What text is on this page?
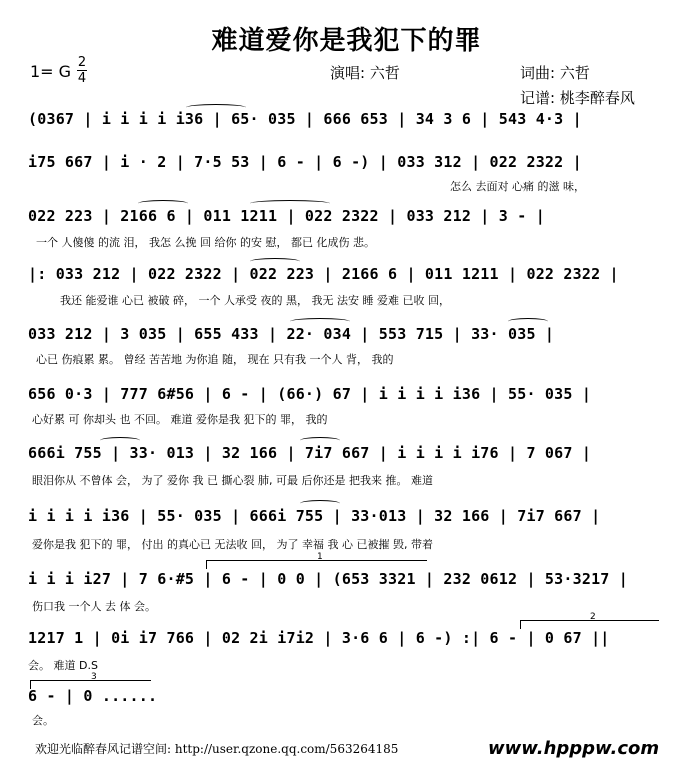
难道爱你是我犯下的罪
1= G 2
4	演唱: 六哲	词曲: 六哲
记谱: 桃李醉春风
(0367 | i i i i i36 | 65· 035 | 666 653 | 34 3 6 | 543 4·3 |
i75 667 | i · 2 | 7·5 53 | 6 - | 6 -) | 033 312 | 022 2322 |
怎么 去面对 心痛 的滋 味，
022 223 | 2166 6 | 011 1211 | 022 2322 | 033 212 | 3 - |
一个 人傻傻 的流 泪， 我怎 么挽 回 给你 的安 慰， 都已 化成伤 悲。
|: 033 212 | 022 2322 | 022 223 | 2166 6 | 011 1211 | 022 2322 |
我还 能爱谁 心已 被破 碎， 一个 人承受 夜的 黑， 我无 法安 睡 爱难 已收 回，
033 212 | 3 035 | 655 433 | 22· 034 | 553 715 | 33· 035 |
心已 伤痕累 累。 曾经 苦苦地 为你追 随， 现在 只有我 一个人 背， 我的
656 0·3 | 777 6#56 | 6 - | (66·) 67 | i i i i i36 | 55· 035 |
心好累 可 你却头 也 不回。 难道 爱你是我 犯下的 罪， 我的
666i 755 | 33· 013 | 32 166 | 7i7 667 | i i i i i76 | 7 067 |
眼泪你从 不曾体 会， 为了 爱你 我 已 撕心裂 肺, 可最 后你还是 把我来 推。 难道
i i i i i36 | 55· 035 | 666i 755 | 33·013 | 32 166 | 7i7 667 |
爱你是我 犯下的 罪， 付出 的真心已 无法收 回， 为了 幸福 我 心 已被摧 毁, 带着
1
i i i i27 | 7 6·#5 | 6 - | 0 0 | (653 3321 | 232 0612 | 53·3217 |
伤口我 一个人 去 体 会。
2
1217 1 | 0i i7 766 | 02 2i i7i2 | 3·6 6 | 6 -) :| 6 - | 0 67 ||
会。 难道 D.S
3
6 - | 0 ......
会。
欢迎光临醉春风记谱空间: http://user.qzone.qq.com/563264185	www.hpppw.com
